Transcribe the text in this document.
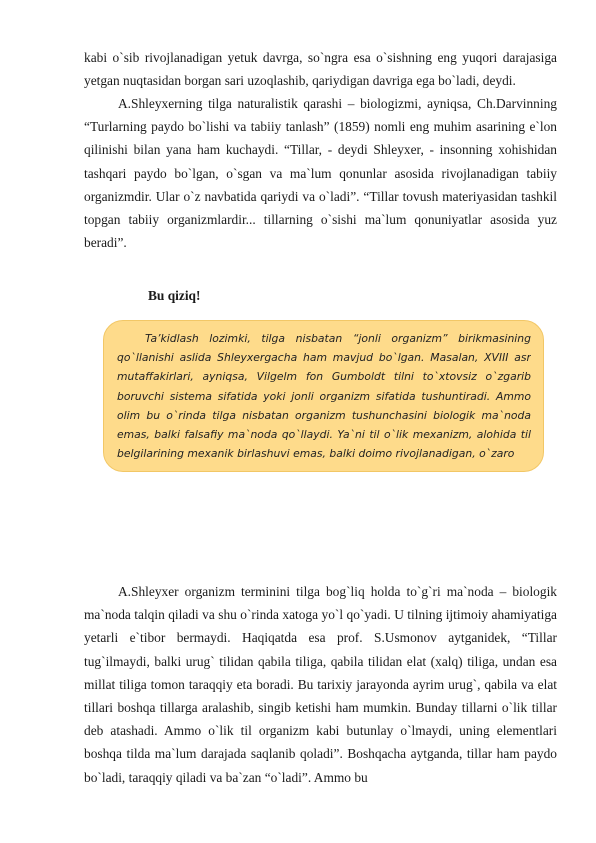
kabi o`sib rivojlanadigan yetuk davrga, so`ngra esa o`sishning eng yuqori darajasiga yetgan nuqtasidan borgan sari uzoqlashib, qariydigan davriga ega bo`ladi, deydi.

A.Shleyxerning tilga naturalistik qarashi – biologizmi, ayniqsa, Ch.Darvinning “Turlarning paydo bo`lishi va tabiiy tanlash” (1859) nomli eng muhim asarining e`lon qilinishi bilan yana ham kuchaydi. “Tillar, - deydi Shleyxer, - insonning xohishidan tashqari paydo bo`lgan, o`sgan va ma`lum qonunlar asosida rivojlanadigan tabiiy organizmdir. Ular o`z navbatida qariydi va o`ladi”. “Tillar tovush materiyasidan tashkil topgan tabiiy organizmlardir... tillarning o`sishi ma`lum qonuniyatlar asosida yuz beradi”.

Bu qiziq!

Ta’kidlash lozimki, tilga nisbatan “jonli organizm” birikmasining qo`llanishi aslida Shleyxergacha ham mavjud bo`lgan. Masalan, XVIII asr mutaffakirlari, ayniqsa, Vilgelm fon Gumboldt tilni to`xtovsiz o`zgarib boruvchi sistema sifatida yoki jonli organizm sifatida tushuntiradi. Ammo olim bu o`rinda tilga nisbatan organizm tushunchasini biologik ma`noda emas, balki falsafiy ma`noda qo`llaydi. Ya`ni til o`lik mexanizm, alohida til belgilarining mexanik birlashuvi emas, balki doimo rivojlanadigan, o`zaro

A.Shleyxer organizm terminini tilga bog`liq holda to`g`ri ma`noda – biologik ma`noda talqin qiladi va shu o`rinda xatoga yo`l qo`yadi. U tilning ijtimoiy ahamiyatiga yetarli e`tibor bermaydi. Haqiqatda esa prof. S.Usmonov aytganidek, “Tillar tug`ilmaydi, balki urug` tilidan qabila tiliga, qabila tilidan elat (xalq) tiliga, undan esa millat tiliga tomon taraqqiy eta boradi. Bu tarixiy jarayonda ayrim urug`, qabila va elat tillari boshqa tillarga aralashib, singib ketishi ham mumkin. Bunday tillarni o`lik tillar deb atashadi. Ammo o`lik til organizm kabi butunlay o`lmaydi, uning elementlari boshqa tilda ma`lum darajada saqlanib qoladi”. Boshqacha aytganda, tillar ham paydo bo`ladi, taraqqiy qiladi va ba`zan “o`ladi”. Ammo bu
